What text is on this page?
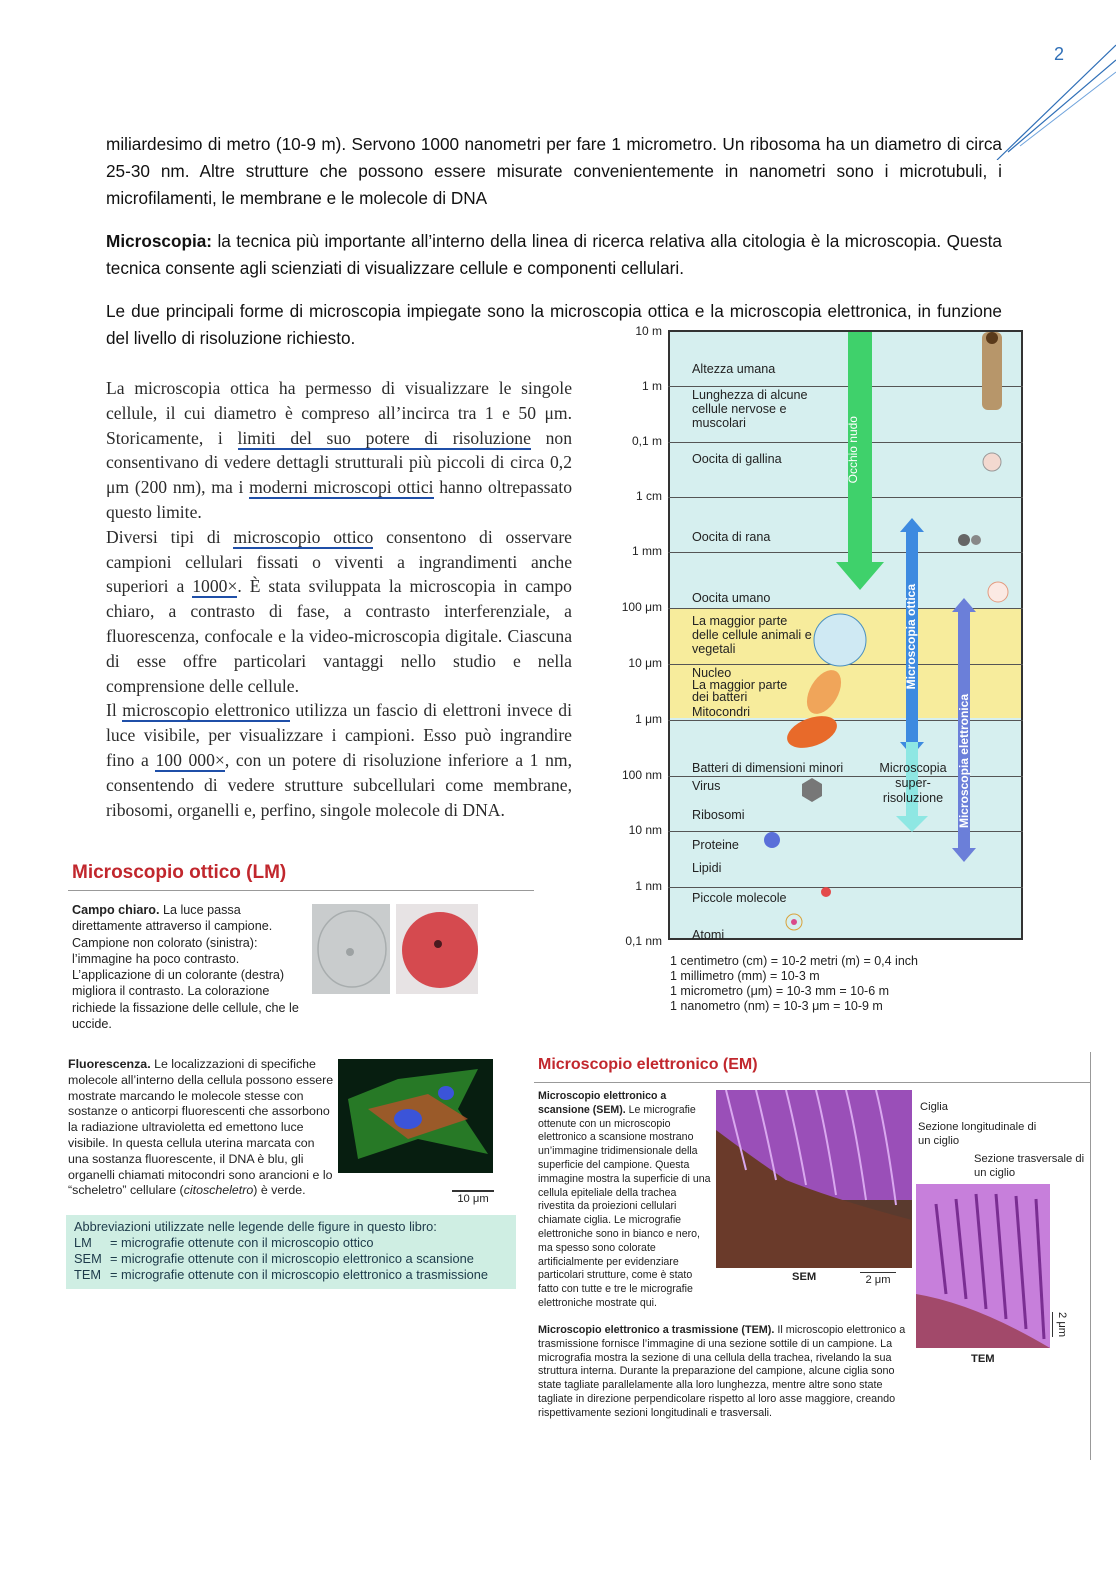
2
miliardesimo di metro (10-9 m). Servono 1000 nanometri per fare 1 micrometro. Un ribosoma ha un diametro di circa 25-30 nm. Altre strutture che possono essere misurate convenientemente in nanometri sono i microtubuli, i microfilamenti, le membrane e le molecole di DNA
Microscopia: la tecnica più importante all’interno della linea di ricerca relativa alla citologia è la microscopia. Questa tecnica consente agli scienziati di visualizzare cellule e componenti cellulari.
Le due principali forme di microscopia impiegate sono la microscopia ottica e la microscopia elettronica, in funzione del livello di risoluzione richiesto.

La microscopia ottica ha permesso di visualizzare le singole cellule, il cui diametro è compreso all’incirca tra 1 e 50 μm. Storicamente, i limiti del suo potere di risoluzione non consentivano di vedere dettagli strutturali più piccoli di circa 0,2 μm (200 nm), ma i moderni microscopi ottici hanno oltrepassato questo limite.

Diversi tipi di microscopio ottico consentono di osservare campioni cellulari fissati o viventi a ingrandimenti anche superiori a 1000×. È stata sviluppata la microscopia in campo chiaro, a contrasto di fase, a contrasto interferenziale, a fluorescenza, confocale e la video-microscopia digitale. Ciascuna di esse offre particolari vantaggi nello studio e nella comprensione delle cellule.

Il microscopio elettronico utilizza un fascio di elettroni invece di luce visibile, per visualizzare i campioni. Esso può ingrandire fino a 100 000×, con un potere di risoluzione inferiore a 1 nm, consentendo di vedere strutture subcellulari come membrane, ribosomi, organelli e, perfino, singole molecole di DNA.

Microscopio ottico (LM)
Campo chiaro. La luce passa direttamente attraverso il campione. Campione non colorato (sinistra): l’immagine ha poco contrasto. L’applicazione di un colorante (destra) migliora il contrasto. La colorazione richiede la fissazione delle cellule, che le uccide.
Fluorescenza. Le localizzazioni di specifiche molecole all’interno della cellula possono essere mostrate marcando le molecole stesse con sostanze o anticorpi fluorescenti che assorbono la radiazione ultravioletta ed emettono luce visibile. In questa cellula uterina marcata con una sostanza fluorescente, il DNA è blu, gli organelli chiamati mitocondri sono arancioni e lo “scheletro” cellulare (citoscheletro) è verde.
10 μm
Abbreviazioni utilizzate nelle legende delle figure in questo libro:
LM = micrografie ottenute con il microscopio ottico
SEM = micrografie ottenute con il microscopio elettronico a scansione
TEM = micrografie ottenute con il microscopio elettronico a trasmissione
Microscopio elettronico (EM)
Microscopio elettronico a scansione (SEM). Le micrografie ottenute con un microscopio elettronico a scansione mostrano un’immagine tridimensionale della superficie del campione. Questa immagine mostra la superficie di una cellula epiteliale della trachea rivestita da proiezioni cellulari chiamate ciglia. Le micrografie elettroniche sono in bianco e nero, ma spesso sono colorate artificialmente per evidenziare particolari strutture, come è stato fatto con tutte e tre le micrografie elettroniche mostrate qui.
SEM	2 μm
Ciglia
Sezione longitudinale di un ciglio
Sezione trasversale di un ciglio
TEM
2 μm
Microscopio elettronico a trasmissione (TEM). Il microscopio elettronico a trasmissione fornisce l’immagine di una sezione sottile di un campione. La micrografia mostra la sezione di una cellula della trachea, rivelando la sua struttura interna. Durante la preparazione del campione, alcune ciglia sono state tagliate parallelamente alla loro lunghezza, mentre altre sono state tagliate in direzione perpendicolare rispetto al loro asse maggiore, creando rispettivamente sezioni longitudinali e trasversali.
10 m
1 m
0,1 m
1 cm
1 mm
100 μm
10 μm
1 μm
100 nm
10 nm
1 nm
0,1 nm
Altezza umana
Lunghezza di alcune cellule nervose e muscolari
Oocita di gallina
Oocita di rana
Oocita umano
La maggior parte delle cellule animali e vegetali
Nucleo
La maggior parte dei batteri
Mitocondri
Batteri di dimensioni minori
Virus
Ribosomi
Proteine
Lipidi
Piccole molecole
Atomi
Occhio nudo
Microscopia ottica
Microscopia elettronica
Microscopia super-risoluzione
1 centimetro (cm) = 10-2 metri (m) = 0,4 inch
1 millimetro (mm) = 10-3 m
1 micrometro (μm) = 10-3 mm = 10-6 m
1 nanometro (nm) = 10-3 μm = 10-9 m
